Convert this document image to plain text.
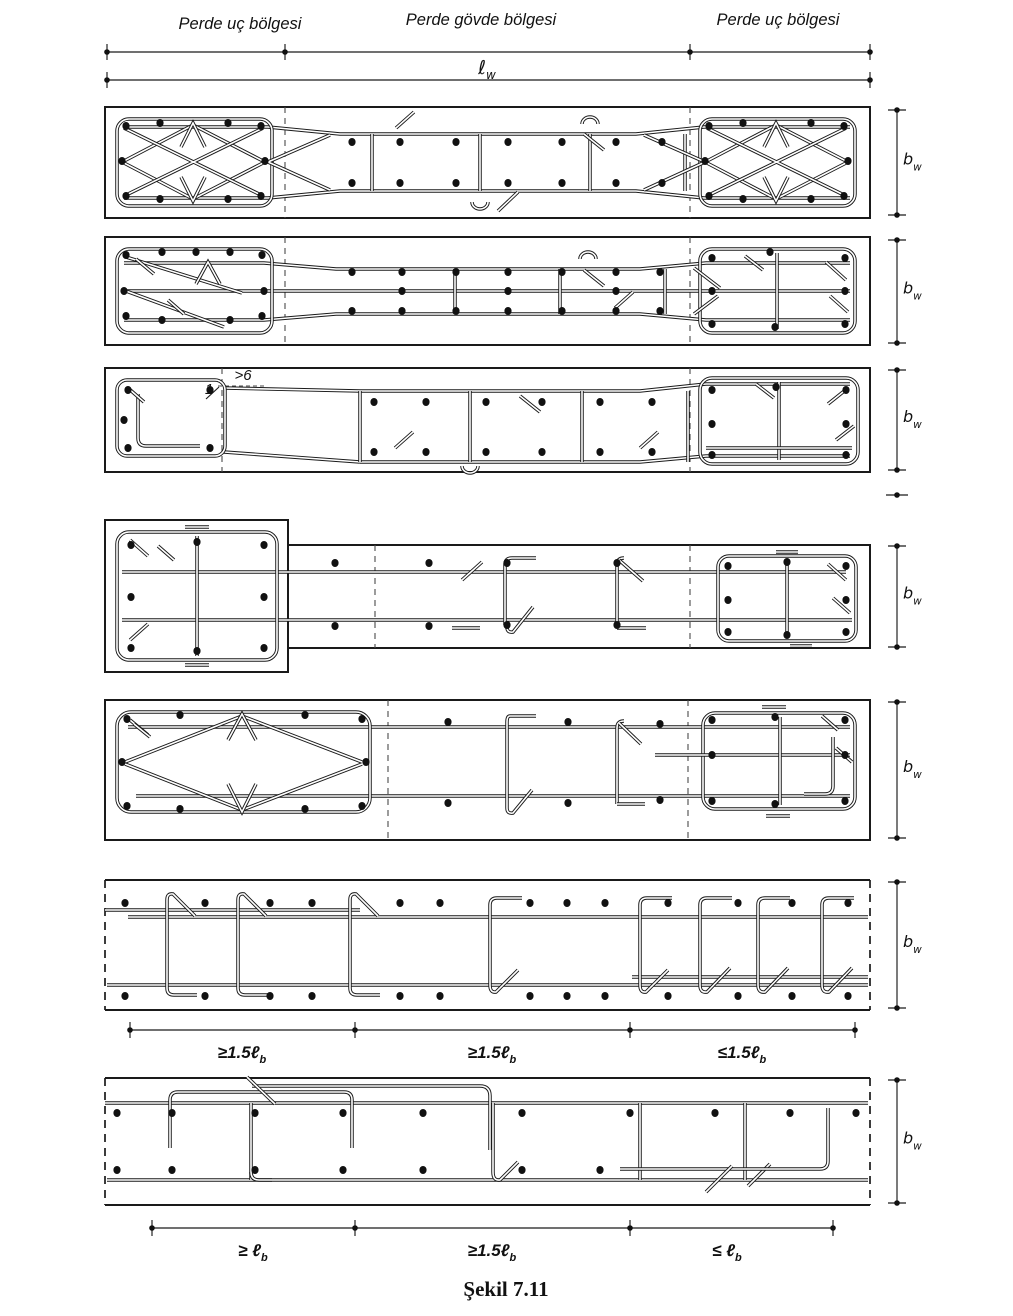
$b_w$
$b_w$
$b_w$
$b_w$
$b_w$
$b_w$
$b_w$
Perde uç bölgesi	Perde gövde bölgesi	Perde uç bölgesi
ℓ$_w$
1
>6
≥1.5ℓ$_b$	≥1.5ℓ$_b$	≤1.5ℓ$_b$
≥ ℓ$_b$	≥1.5ℓ$_b$	≤ ℓ$_b$
Şekil 7.11
